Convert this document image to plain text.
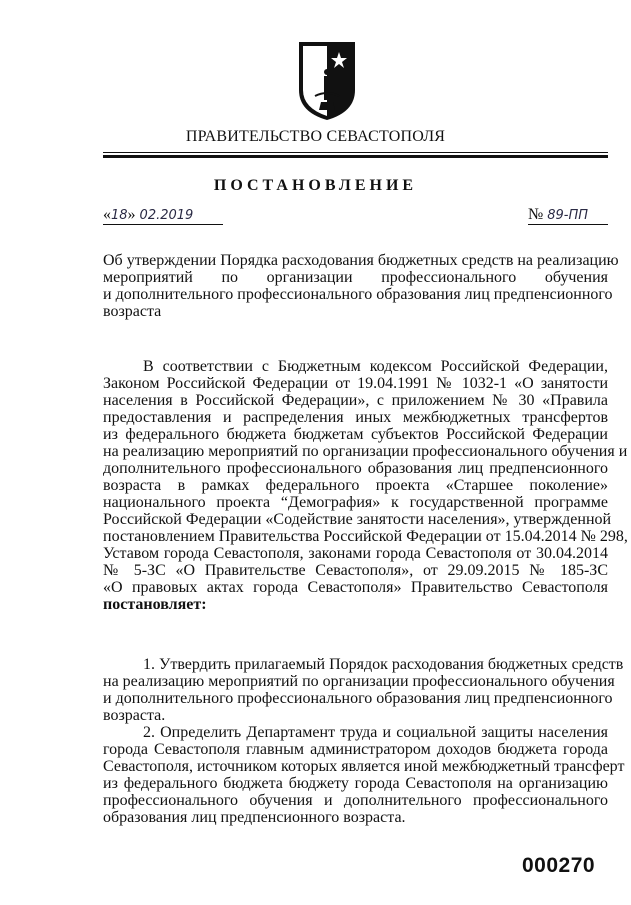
ПРАВИТЕЛЬСТВО СЕВАСТОПОЛЯ
ПОСТАНОВЛЕНИЕ
«18» 02.2019	№ 89-ПП
Об утверждении Порядка расходования бюджетных средств на реализацию
мероприятий по организации профессионального обучения
и дополнительного профессионального образования лиц предпенсионного
возраста
В соответствии с Бюджетным кодексом Российской Федерации,
Законом Российской Федерации от 19.04.1991 № 1032-1 «О занятости
населения в Российской Федерации», с приложением № 30 «Правила
предоставления и распределения иных межбюджетных трансфертов
из федерального бюджета бюджетам субъектов Российской Федерации
на реализацию мероприятий по организации профессионального обучения и
дополнительного профессионального образования лиц предпенсионного
возраста в рамках федерального проекта «Старшее поколение»
национального проекта “Демография» к государственной программе
Российской Федерации «Содействие занятости населения», утвержденной
постановлением Правительства Российской Федерации от 15.04.2014 № 298,
Уставом города Севастополя, законами города Севастополя от 30.04.2014
№ 5-ЗС «О Правительстве Севастополя», от 29.09.2015 № 185-ЗС
«О правовых актах города Севастополя» Правительство Севастополя
постановляет:
1. Утвердить прилагаемый Порядок расходования бюджетных средств
на реализацию мероприятий по организации профессионального обучения
и дополнительного профессионального образования лиц предпенсионного
возраста.
2. Определить Департамент труда и социальной защиты населения
города Севастополя главным администратором доходов бюджета города
Севастополя, источником которых является иной межбюджетный трансферт
из федерального бюджета бюджету города Севастополя на организацию
профессионального обучения и дополнительного профессионального
образования лиц предпенсионного возраста.
000270
